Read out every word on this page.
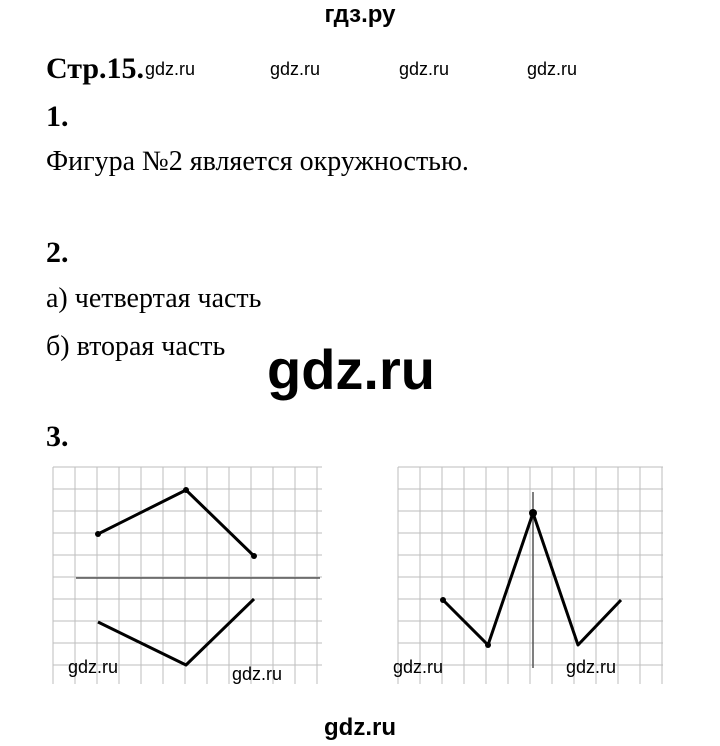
гдз.ру
Стр.15. gdz.ru	gdz.ru	gdz.ru	gdz.ru
1.
Фигура №2 является окружностью.
2.
а) четвертая часть
б) вторая часть gdz.ru
3.
gdz.ru	gdz.ru	gdz.ru	gdz.ru
gdz.ru
